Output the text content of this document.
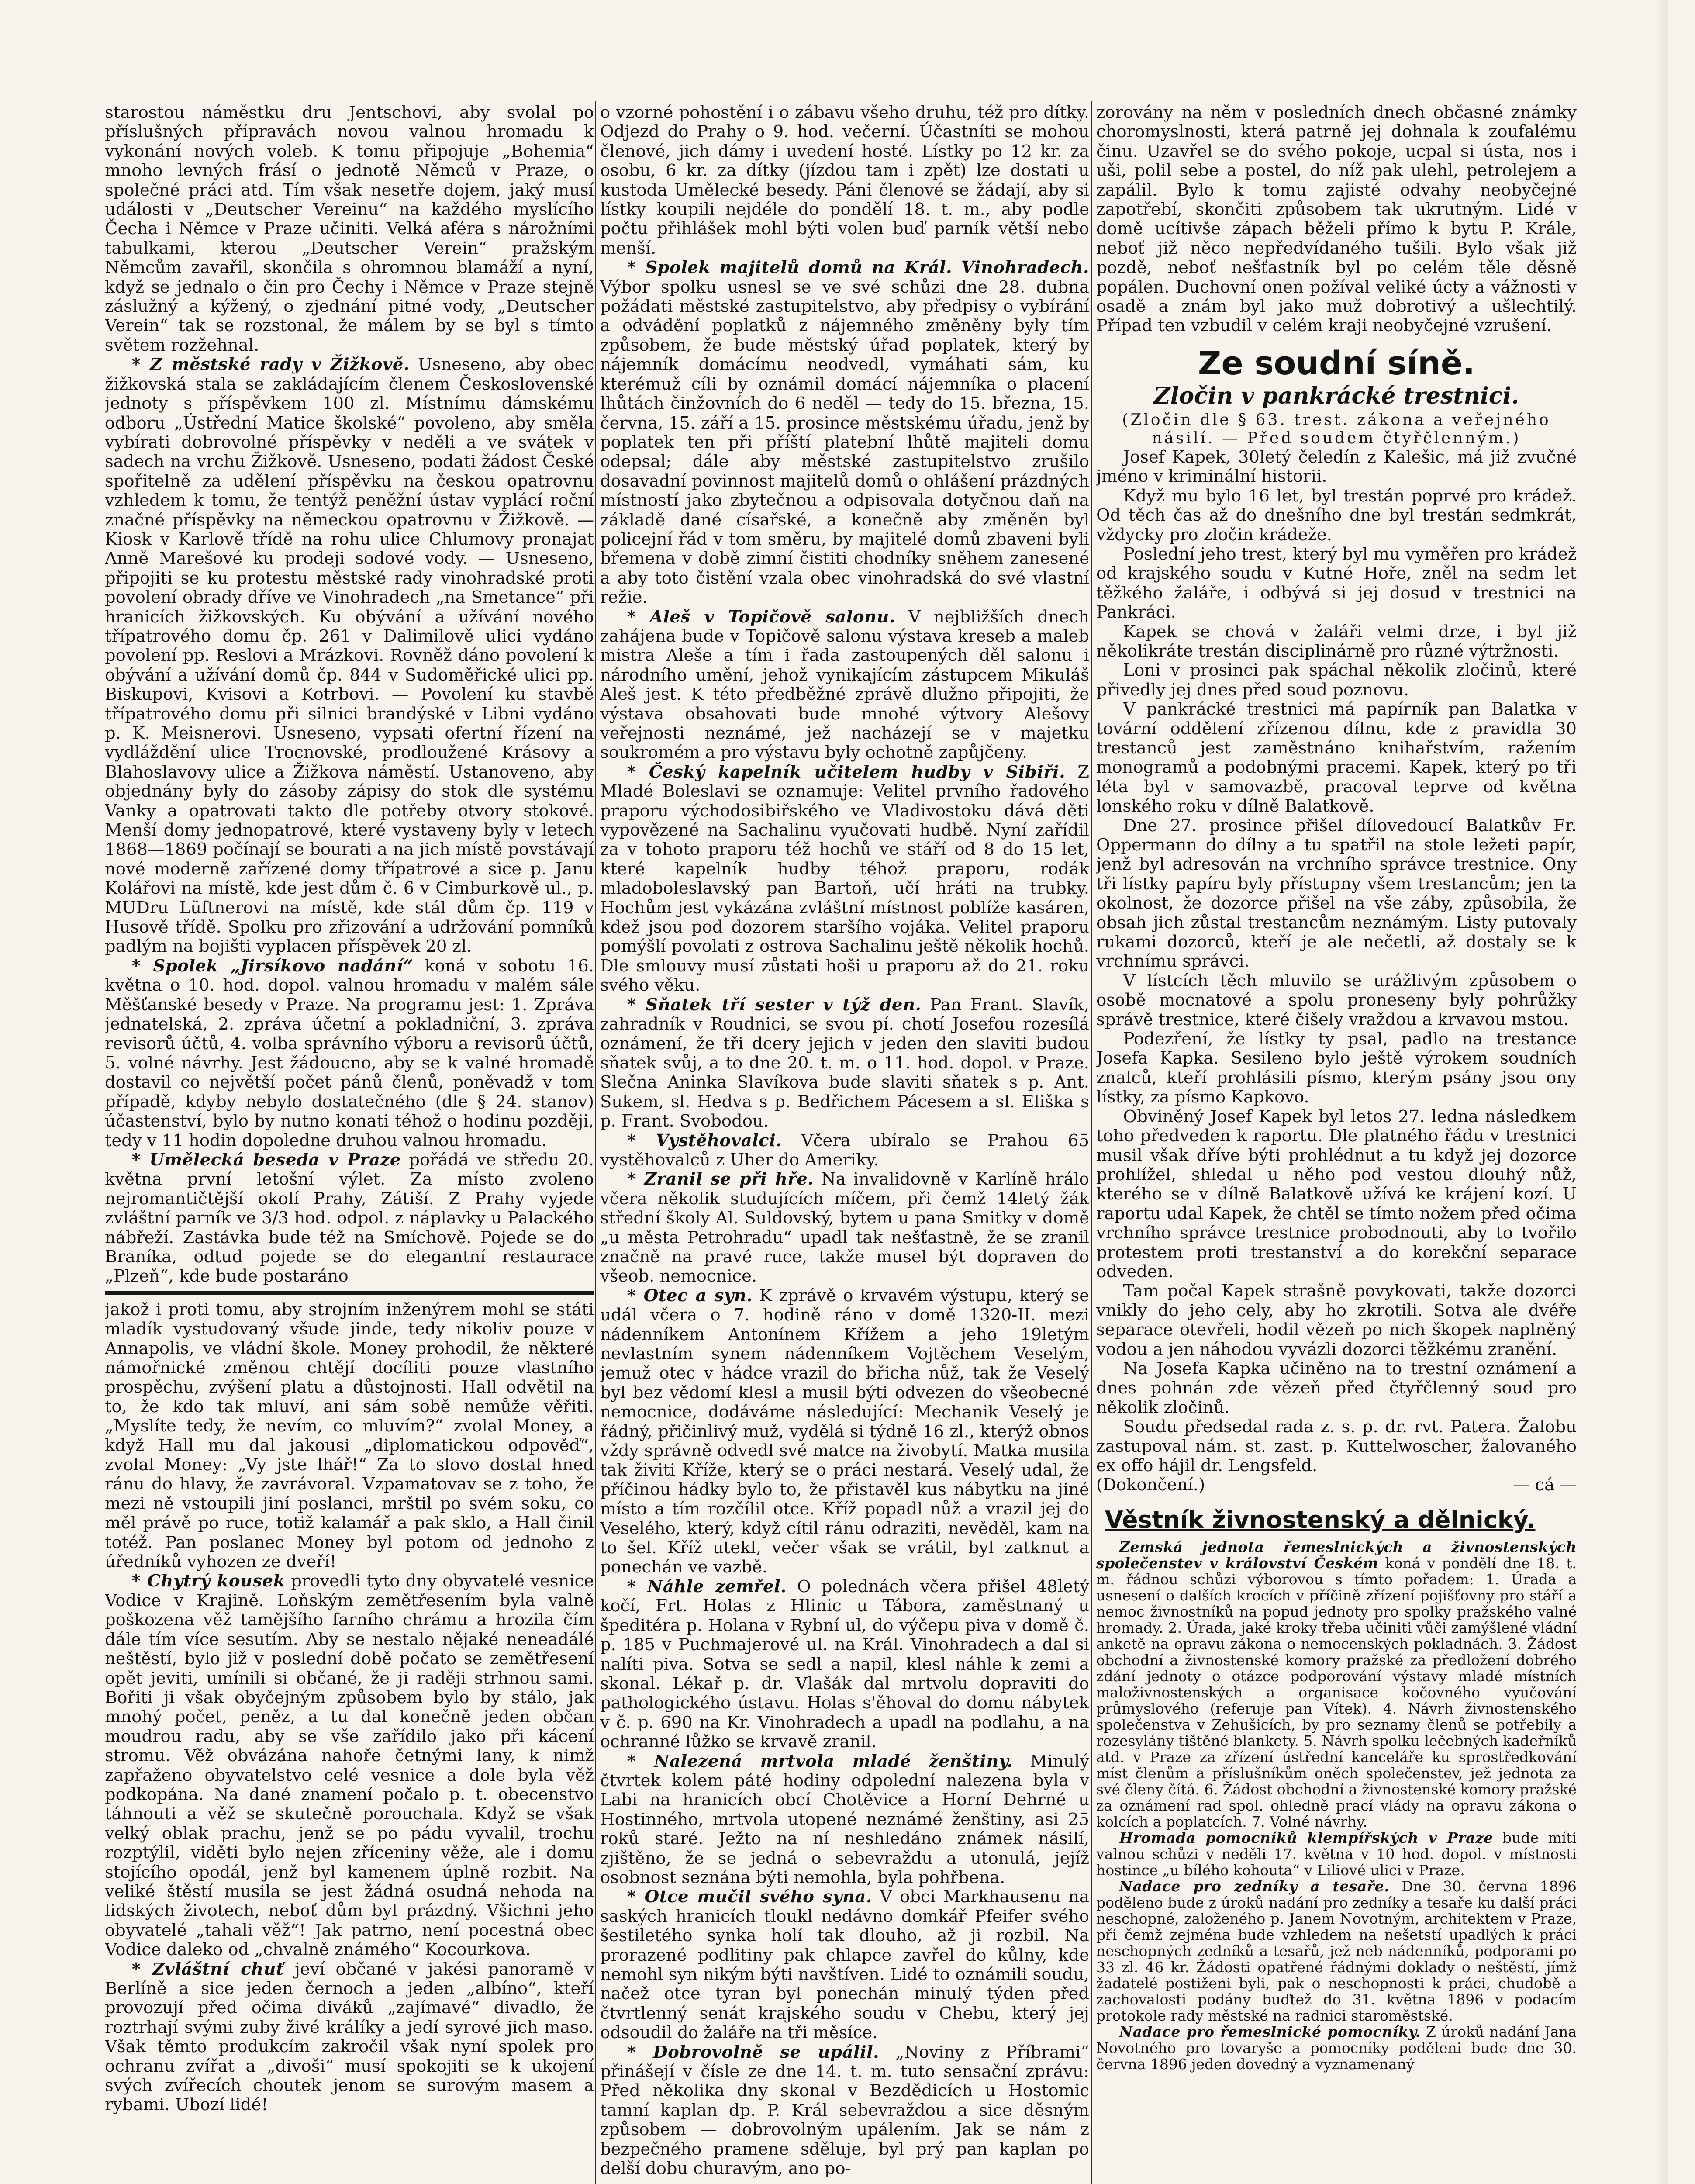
starostou náměstku dru Jentschovi, aby svolal po příslušných přípravách novou valnou hromadu k vykonání nových voleb. K tomu připojuje „Bohemia“ mnoho levných frásí o jednotě Němců v Praze, o společné práci atd. Tím však nesetře dojem, jaký musí události v „Deutscher Vereinu“ na každého myslícího Čecha i Němce v Praze učiniti. Velká aféra s nárožními tabulkami, kterou „Deutscher Verein“ pražským Němcům zavařil, skončila s ohromnou blamáží a nyní, když se jednalo o čin pro Čechy i Němce v Praze stejně záslužný a kýžený, o zjednání pitné vody, „Deutscher Verein“ tak se rozstonal, že málem by se byl s tímto světem rozžehnal.

* Z městské rady v Žižkově. Usneseno, aby obec žižkovská stala se zakládajícím členem Československé jednoty s příspěvkem 100 zl. Místnímu dámskému odboru „Ústřední Matice školské“ povoleno, aby směla vybírati dobrovolné příspěvky v neděli a ve svátek v sadech na vrchu Žižkově. Usneseno, podati žádost České spořitelně za udělení příspěvku na českou opatrovnu vzhledem k tomu, že tentýž peněžní ústav vyplácí roční značné příspěvky na německou opatrovnu v Žižkově. — Kiosk v Karlově třídě na rohu ulice Chlumovy pronajat Anně Marešové ku prodeji sodové vody. — Usneseno, připojiti se ku protestu městské rady vinohradské proti povolení obrady dříve ve Vinohradech „na Smetance“ při hranicích žižkovských. Ku obývání a užívání nového třípatrového domu čp. 261 v Dalimilově ulici vydáno povolení pp. Reslovi a Mrázkovi. Rovněž dáno povolení k obývání a užívání domů čp. 844 v Sudoměřické ulici pp. Biskupovi, Kvisovi a Kotrbovi. — Povolení ku stavbě třípatrového domu při silnici brandýské v Libni vydáno p. K. Meisnerovi. Usneseno, vypsati ofertní řízení na vydláždění ulice Trocnovské, prodloužené Krásovy a Blahoslavovy ulice a Žižkova náměstí. Ustanoveno, aby objednány byly do zásoby zápisy do stok dle systému Vanky a opatrovati takto dle potřeby otvory stokové. Menší domy jednopatrové, které vystaveny byly v letech 1868—1869 počínají se bourati a na jich místě povstávají nové moderně zařízené domy třípatrové a sice p. Janu Kolářovi na místě, kde jest dům č. 6 v Cimburkově ul., p. MUDru Lüftnerovi na místě, kde stál dům čp. 119 v Husově třídě. Spolku pro zřizování a udržování pomníků padlým na bojišti vyplacen příspěvek 20 zl.

* Spolek „Jirsíkovo nadání“ koná v sobotu 16. května o 10. hod. dopol. valnou hromadu v malém sále Měšťanské besedy v Praze. Na programu jest: 1. Zpráva jednatelská, 2. zpráva účetní a pokladniční, 3. zpráva revisorů účtů, 4. volba správního výboru a revisorů účtů, 5. volné návrhy. Jest žádoucno, aby se k valné hromadě dostavil co největší počet pánů členů, poněvadž v tom případě, kdyby nebylo dostatečného (dle § 24. stanov) účastenství, bylo by nutno konati téhož o hodinu později, tedy v 11 hodin dopoledne druhou valnou hromadu.

* Umělecká beseda v Praze pořádá ve středu 20. května první letošní výlet. Za místo zvoleno nejromantičtější okolí Prahy, Zátiší. Z Prahy vyjede zvláštní parník ve 3/3 hod. odpol. z náplavky u Palackého nábřeží. Zastávka bude též na Smíchově. Pojede se do Braníka, odtud pojede se do elegantní restaurace „Plzeň“, kde bude postaráno

jakož i proti tomu, aby strojním inženýrem mohl se státi mladík vystudovaný všude jinde, tedy nikoliv pouze v Annapolis, ve vládní škole. Money prohodil, že některé námořnické změnou chtějí docíliti pouze vlastního prospěchu, zvýšení platu a důstojnosti. Hall odvětil na to, že kdo tak mluví, ani sám sobě nemůže věřiti. „Myslíte tedy, že nevím, co mluvím?“ zvolal Money, a když Hall mu dal jakousi „diplomatickou odpověď“, zvolal Money: „Vy jste lhář!“ Za to slovo dostal hned ránu do hlavy, že zavrávoral. Vzpamatovav se z toho, že mezi ně vstoupili jiní poslanci, mrštil po svém soku, co měl právě po ruce, totiž kalamář a pak sklo, a Hall činil totéž. Pan poslanec Money byl potom od jednoho z úředníků vyhozen ze dveří!

* Chytrý kousek provedli tyto dny obyvatelé vesnice Vodice v Krajině. Loňským zemětřesením byla valně poškozena věž tamějšího farního chrámu a hrozila čím dále tím více sesutím. Aby se nestalo nějaké neneadálé neštěstí, bylo již v poslední době počato se zemětřesení opět jeviti, umínili si občané, že ji raději strhnou sami. Bořiti ji však obyčejným způsobem bylo by stálo, jak mnohý počet, peněz, a tu dal konečně jeden občan moudrou radu, aby se vše zařídilo jako při kácení stromu. Věž obvázána nahoře četnými lany, k nimž zapřaženo obyvatelstvo celé vesnice a dole byla věž podkopána. Na dané znamení počalo p. t. obecenstvo táhnouti a věž se skutečně porouchala. Když se však velký oblak prachu, jenž se po pádu vyvalil, trochu rozptýlil, viděti bylo nejen zříceniny věže, ale i domu stojícího opodál, jenž byl kamenem úplně rozbit. Na veliké štěstí musila se jest žádná osudná nehoda na lidských životech, neboť dům byl prázdný. Všichni jeho obyvatelé „tahali věž“! Jak patrno, není pocestná obec Vodice daleko od „chvalně známého“ Kocourkova.

* Zvláštní chuť jeví občané v jakési panoramě v Berlíně a sice jeden černoch a jeden „albíno“, kteří provozují před očima diváků „zajímavé“ divadlo, že roztrhají svými zuby živé králíky a jedí syrové jich maso. Však těmto produkcím zakročil však nyní spolek pro ochranu zvířat a „divoši“ musí spokojiti se k ukojení svých zvířecích choutek jenom se surovým masem a rybami. Ubozí lidé!

o vzorné pohostění i o zábavu všeho druhu, též pro dítky. Odjezd do Prahy o 9. hod. večerní. Účastníti se mohou členové, jich dámy i uvedení hosté. Lístky po 12 kr. za osobu, 6 kr. za dítky (jízdou tam i zpět) lze dostati u kustoda Umělecké besedy. Páni členové se žádají, aby si lístky koupili nejdéle do pondělí 18. t. m., aby podle počtu přihlášek mohl býti volen buď parník větší nebo menší.

* Spolek majitelů domů na Král. Vinohradech. Výbor spolku usnesl se ve své schůzi dne 28. dubna požádati městské zastupitelstvo, aby předpisy o vybírání a odvádění poplatků z nájemného změněny byly tím způsobem, že bude městský úřad poplatek, který by nájemník domácímu neodvedl, vymáhati sám, ku kterémuž cíli by oznámil domácí nájemníka o placení lhůtách činžovních do 6 neděl — tedy do 15. března, 15. června, 15. září a 15. prosince městskému úřadu, jenž by poplatek ten při příští platební lhůtě majiteli domu odepsal; dále aby městské zastupitelstvo zrušilo dosavadní povinnost majitelů domů o ohlášení prázdných místností jako zbytečnou a odpisovala dotyčnou daň na základě dané císařské, a konečně aby změněn byl policejní řád v tom směru, by majitelé domů zbaveni byli břemena v době zimní čistiti chodníky sněhem zanesené a aby toto čistění vzala obec vinohradská do své vlastní režie.

* Aleš v Topičově salonu. V nejbližších dnech zahájena bude v Topičově salonu výstava kreseb a maleb mistra Aleše a tím i řada zastoupených děl salonu i národního umění, jehož vynikajícím zástupcem Mikuláš Aleš jest. K této předběžné zprávě dlužno připojiti, že výstava obsahovati bude mnohé výtvory Alešovy veřejnosti neznámé, jež nacházejí se v majetku soukromém a pro výstavu byly ochotně zapůjčeny.

* Český kapelník učitelem hudby v Sibiři. Z Mladé Boleslavi se oznamuje: Velitel prvního řadového praporu východosibiřského ve Vladivostoku dává děti vypovězené na Sachalinu vyučovati hudbě. Nyní zařídil za v tohoto praporu též hochů ve stáří od 8 do 15 let, které kapelník hudby téhož praporu, rodák mladoboleslavský pan Bartoň, učí hráti na trubky. Hochům jest vykázána zvláštní místnost poblíže kasáren, kdež jsou pod dozorem staršího vojáka. Velitel praporu pomýšlí povolati z ostrova Sachalinu ještě několik hochů. Dle smlouvy musí zůstati hoši u praporu až do 21. roku svého věku.

* Sňatek tří sester v týž den. Pan Frant. Slavík, zahradník v Roudnici, se svou pí. chotí Josefou rozesílá oznámení, že tři dcery jejich v jeden den slaviti budou sňatek svůj, a to dne 20. t. m. o 11. hod. dopol. v Praze. Slečna Aninka Slavíkova bude slaviti sňatek s p. Ant. Sukem, sl. Hedva s p. Bedřichem Pácesem a sl. Eliška s p. Frant. Svobodou.

* Vystěhovalci. Včera ubíralo se Prahou 65 vystěhovalců z Uher do Ameriky.

* Zranil se při hře. Na invalidovně v Karlíně hrálo včera několik studujících míčem, při čemž 14letý žák střední školy Al. Suldovský, bytem u pana Smitky v domě „u města Petrohradu“ upadl tak nešťastně, že se zranil značně na pravé ruce, takže musel být dopraven do všeob. nemocnice.

* Otec a syn. K zprávě o krvavém výstupu, který se udál včera o 7. hodině ráno v domě 1320-II. mezi nádenníkem Antonínem Křížem a jeho 19letým nevlastním synem nádenníkem Vojtěchem Veselým, jemuž otec v hádce vrazil do břicha nůž, tak že Veselý byl bez vědomí klesl a musil býti odvezen do všeobecné nemocnice, dodáváme následující: Mechanik Veselý je řádný, přičinlivý muž, vydělá si týdně 16 zl., kterýž obnos vždy správně odvedl své matce na živobytí. Matka musila tak živiti Kříže, který se o práci nestará. Veselý udal, že příčinou hádky bylo to, že přistavěl kus nábytku na jiné místo a tím rozčílil otce. Kříž popadl nůž a vrazil jej do Veselého, který, když cítil ránu odraziti, nevěděl, kam na to šel. Kříž utekl, večer však se vrátil, byl zatknut a ponechán ve vazbě.

* Náhle zemřel. O polednách včera přišel 48letý kočí, Frt. Holas z Hlinic u Tábora, zaměstnaný u špeditéra p. Holana v Rybní ul, do výčepu piva v domě č. p. 185 v Puchmajerové ul. na Král. Vinohradech a dal si nalíti piva. Sotva se sedl a napil, klesl náhle k zemi a skonal. Lékař p. dr. Vlašák dal mrtvolu dopraviti do pathologického ústavu. Holas s'ěhoval do domu nábytek v č. p. 690 na Kr. Vinohradech a upadl na podlahu, a na ochranné lůžko se krvavě zranil.

* Nalezená mrtvola mladé ženštiny. Minulý čtvrtek kolem páté hodiny odpolední nalezena byla v Labi na hranicích obcí Chotěvice a Horní Dehrné u Hostinného, mrtvola utopené neznámé ženštiny, asi 25 roků staré. Ježto na ní neshledáno známek násilí, zjištěno, že se jedná o sebevraždu a utonulá, jejíž osobnost seznána býti nemohla, byla pohřbena.

* Otce mučil svého syna. V obci Markhausenu na saských hranicích tloukl nedávno domkář Pfeifer svého šestiletého synka holí tak dlouho, až ji rozbil. Na prorazené podlitiny pak chlapce zavřel do kůlny, kde nemohl syn nikým býti navštíven. Lidé to oznámili soudu, načež otce tyran byl ponechán minulý týden před čtvrtlenný senát krajského soudu v Chebu, který jej odsoudil do žaláře na tři měsíce.

* Dobrovolně se upálil. „Noviny z Příbrami“ přinášejí v čísle ze dne 14. t. m. tuto sensační zprávu: Před několika dny skonal v Bezdědicích u Hostomic tamní kaplan dp. P. Král sebevraždou a sice děsným způsobem — dobrovolným upálením. Jak se nám z bezpečného pramene sděluje, byl prý pan kaplan po delší dobu churavým, ano po-

zorovány na něm v posledních dnech občasné známky choromyslnosti, která patrně jej dohnala k zoufalému činu. Uzavřel se do svého pokoje, ucpal si ústa, nos i uši, polil sebe a postel, do níž pak ulehl, petrolejem a zapálil. Bylo k tomu zajisté odvahy neobyčejné zapotřebí, skončiti způsobem tak ukrutným. Lidé v domě ucítivše zápach běželi přímo k bytu P. Krále, neboť již něco nepředvídaného tušili. Bylo však již pozdě, neboť nešťastník byl po celém těle děsně popálen. Duchovní onen požíval veliké úcty a vážnosti v osadě a znám byl jako muž dobrotivý a ušlechtilý. Případ ten vzbudil v celém kraji neobyčejné vzrušení.

Ze soudní síně.
Zločin v pankrácké trestnici.
(Zločin dle § 63. trest. zákona a veřejného násilí. — Před soudem čtyřčlenným.)

Josef Kapek, 30letý čeledín z Kalešic, má již zvučné jméno v kriminální historii.

Když mu bylo 16 let, byl trestán poprvé pro krádež. Od těch čas až do dnešního dne byl trestán sedmkrát, vždycky pro zločin krádeže.

Poslední jeho trest, který byl mu vyměřen pro krádež od krajského soudu v Kutné Hoře, zněl na sedm let těžkého žaláře, i odbývá si jej dosud v trestnici na Pankráci.

Kapek se chová v žaláři velmi drze, i byl již několikráte trestán disciplinárně pro různé výtržnosti.

Loni v prosinci pak spáchal několik zločinů, které přivedly jej dnes před soud poznovu.

V pankrácké trestnici má papírník pan Balatka v tovární oddělení zřízenou dílnu, kde z pravidla 30 trestanců jest zaměstnáno knihařstvím, ražením monogramů a podobnými pracemi. Kapek, který po tři léta byl v samovazbě, pracoval teprve od května lonského roku v dílně Balatkově.

Dne 27. prosince přišel dílovedoucí Balatkův Fr. Oppermann do dílny a tu spatřil na stole ležeti papír, jenž byl adresován na vrchního správce trestnice. Ony tři lístky papíru byly přístupny všem trestancům; jen ta okolnost, že dozorce přišel na vše záby, způsobila, že obsah jich zůstal trestancům neznámým. Listy putovaly rukami dozorců, kteří je ale nečetli, až dostaly se k vrchnímu správci.

V lístcích těch mluvilo se urážlivým způsobem o osobě mocnatové a spolu proneseny byly pohrůžky správě trestnice, které čišely vraždou a krvavou mstou.

Podezření, že lístky ty psal, padlo na trestance Josefa Kapka. Sesileno bylo ještě výrokem soudních znalců, kteří prohlásili písmo, kterým psány jsou ony lístky, za písmo Kapkovo.

Obviněný Josef Kapek byl letos 27. ledna následkem toho předveden k raportu. Dle platného řádu v trestnici musil však dříve býti prohlédnut a tu když jej dozorce prohlížel, shledal u něho pod vestou dlouhý nůž, kterého se v dílně Balatkově užívá ke krájení kozí. U raportu udal Kapek, že chtěl se tímto nožem před očima vrchního správce trestnice probodnouti, aby to tvořilo protestem proti trestanství a do korekční separace odveden.

Tam počal Kapek strašně povykovati, takže dozorci vnikly do jeho cely, aby ho zkrotili. Sotva ale dvéře separace otevřeli, hodil vězeň po nich škopek naplněný vodou a jen náhodou vyvázli dozorci těžkému zranění.

Na Josefa Kapka učiněno na to trestní oznámení a dnes pohnán zde vězeň před čtyřčlenný soud pro několik zločinů.

Soudu předsedal rada z. s. p. dr. rvt. Patera. Žalobu zastupoval nám. st. zast. p. Kuttelwoscher, žalovaného ex offo hájil dr. Lengsfeld.

(Dokončení.)	— cá —

Věstník živnostenský a dělnický.

Zemská jednota řemeslnických a živnostenských společenstev v království Českém koná v pondělí dne 18. t. m. řádnou schůzi výborovou s tímto pořadem: 1. Úrada a usnesení o dalších krocích v příčině zřízení pojišťovny pro stáří a nemoc živnostníků na popud jednoty pro spolky pražského valné hromady. 2. Úrada, jaké kroky třeba učiniti vůči zamýšlené vládní anketě na opravu zákona o nemocenských pokladnách. 3. Žádost obchodní a živnostenské komory pražské za předložení dobrého zdání jednoty o otázce podporování výstavy mladé místních maloživnostenských a organisace kočovného vyučování průmyslového (referuje pan Vítek). 4. Návrh živnostenského společenstva v Zehušicích, by pro seznamy členů se potřebily a rozesylány tištěné blankety. 5. Návrh spolku lečebných kadeřníků atd. v Praze za zřízení ústřední kanceláře ku sprostředkování míst členům a příslušníkům oněch společenstev, jež jednota za své členy čítá. 6. Žádost obchodní a živnostenské komory pražské za oznámení rad spol. ohledně prací vlády na opravu zákona o kolcích a poplatcích. 7. Volné návrhy.

Hromada pomocníků klempířských v Praze bude míti valnou schůzi v neděli 17. května v 10 hod. dopol. v místnosti hostince „u bílého kohouta“ v Liliové ulici v Praze.

Nadace pro zedníky a tesaře. Dne 30. června 1896 poděleno bude z úroků nadání pro zedníky a tesaře ku další práci neschopné, založeného p. Janem Novotným, architektem v Praze, při čemž zejména bude vzhledem na nešetstí upadlých k práci neschopných zedníků a tesařů, jež neb nádenníků, podporami po 33 zl. 46 kr. Žádosti opatřené řádnými doklady o neštěstí, jímž žadatelé postiženi byli, pak o neschopnosti k práci, chudobě a zachovalosti podány buďtež do 31. května 1896 v podacím protokole rady městské na radnici staroměstské.

Nadace pro řemeslnické pomocníky. Z úroků nadání Jana Novotného pro tovaryše a pomocníky poděleni bude dne 30. června 1896 jeden dovedný a vyznamenaný
